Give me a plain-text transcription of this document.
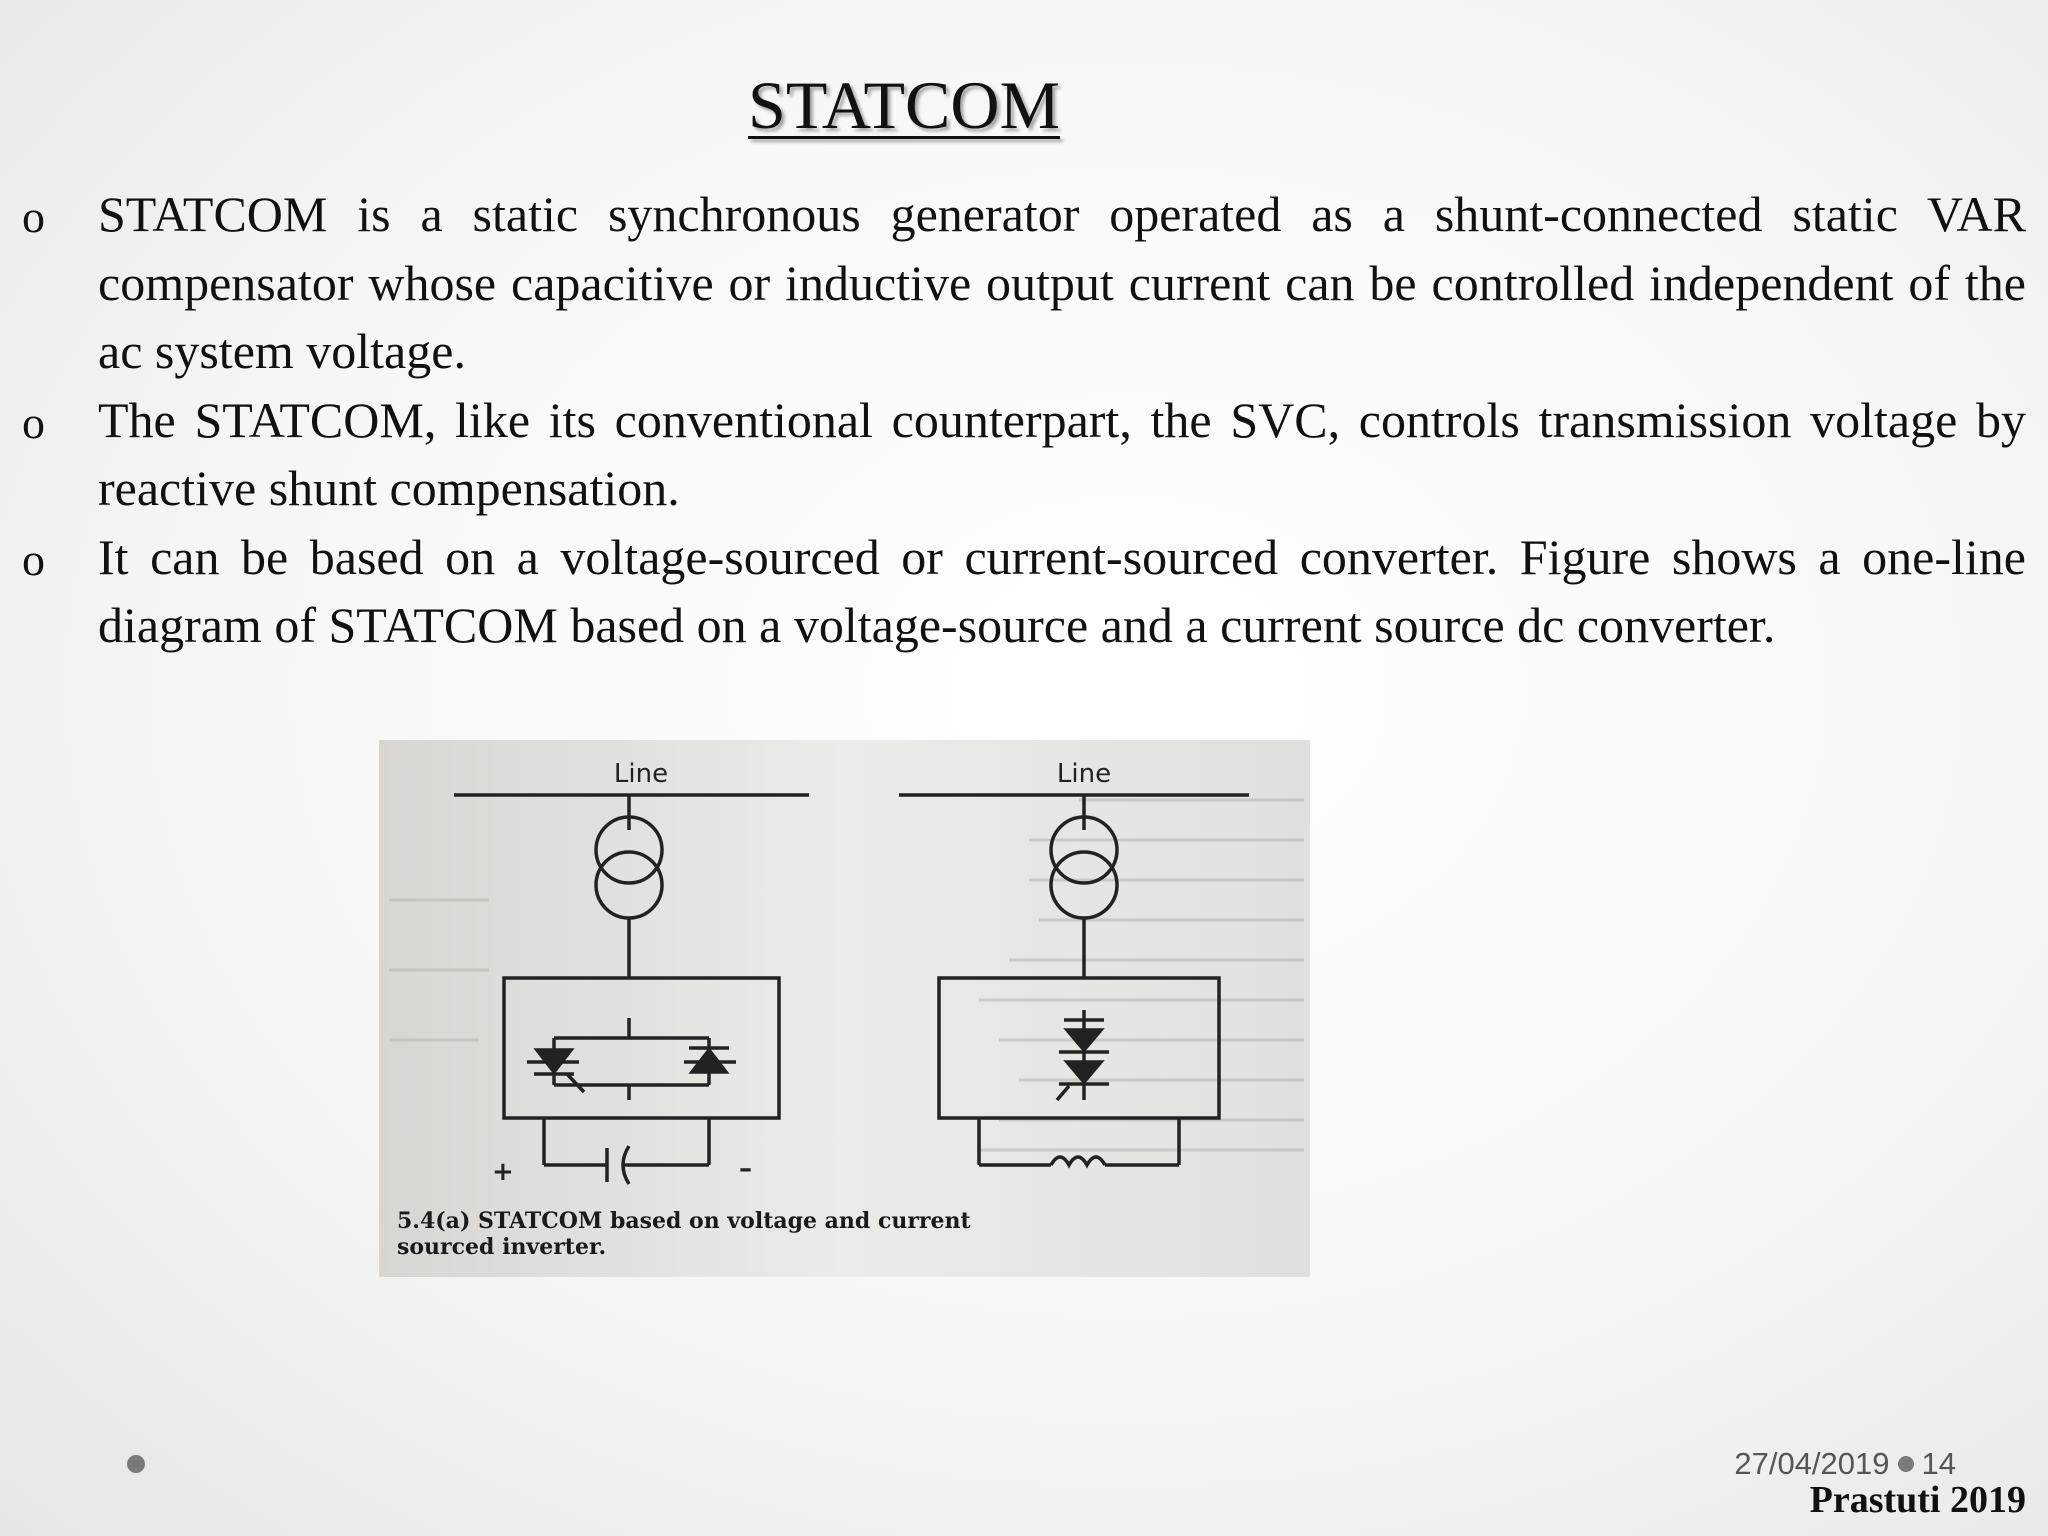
STATCOM
o	STATCOM is a static synchronous generator operated as a shunt-connected static VAR compensator whose capacitive or inductive output current can be controlled independent of the ac system voltage.
o	The STATCOM, like its conventional counterpart, the SVC, controls transmission voltage by reactive shunt compensation.
o	It can be based on a voltage-sourced or current-sourced converter. Figure shows a one-line diagram of STATCOM based on a voltage-source and a current source dc converter.
Line	Line
+	–
5.4(a) STATCOM based on voltage and current
sourced inverter.
27/04/2019 14
Prastuti 2019
